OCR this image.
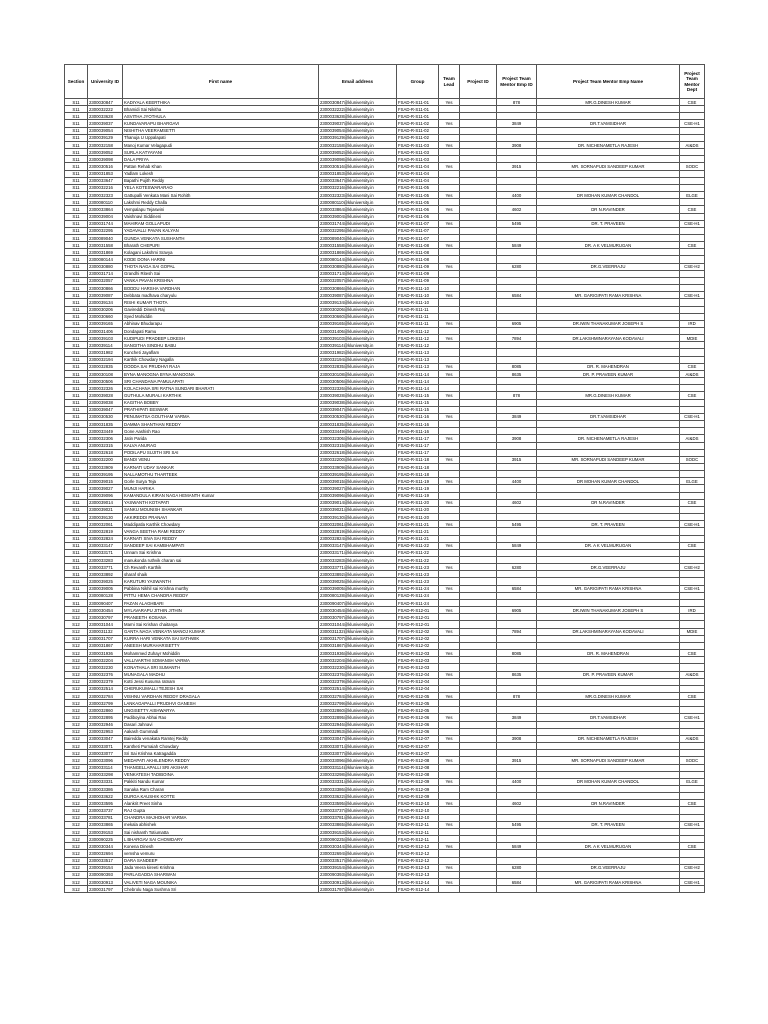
Section	University ID	First name	Email address	Group	Team Lead	Project ID	Project Team Mentor Emp ID	Project Team Mentor Emp Name	Project Team Mentor Dept
S11	2300030847	KADIYALA KEERTHIKA	2300030847@kluniversity.in	FSAD-R-S11-01	Yes		878	MR.G.DINESH KUMAR	CSE
S11	2300032222	Bhamidi Sai Nikitha	2300032222@kluniversity.in	FSAD-R-S11-01					
S11	2300033628	ASVITHA JYOTHULA	2300033628@kluniversity.in	FSAD-R-S11-01					
S11	2300039037	KUNDAVARAPU BHARGAVI	2300039037@kluniversity.in	FSAD-R-S11-02	Yes		3849	DR.T.VAMSIDHAR	CSE-H1
S11	2300039054	NISHITHA VEERAMSETTI	2300039054@kluniversity.in	FSAD-R-S11-02					
S11	2300039129	Thanuja U Uppalapati	2300039129@kluniversity.in	FSAD-R-S11-02					
S11	2300032158	Manoj Kumar Velagapudi	2300032158@kluniversity.in	FSAD-R-S11-03	Yes		3908	DR. NICHENAMETLA RAJESH	AI&DS
S11	2300039052	SURLA KATYAYANI	2300039052@kluniversity.in	FSAD-R-S11-03					
S11	2300039098	DALA PRIYA	2300039098@kluniversity.in	FSAD-R-S11-03					
S11	2300030516	Pattan Rehab Khan	2300030516@kluniversity.in	FSAD-R-S11-04	Yes		3915	MR. SORNAPUDI SANDEEP KUMAR	SODC
S11	2300031853	Yadlam Lokesh	2300031853@kluniversity.in	FSAD-R-S11-04					
S11	2300033647	Bapathi Pujith Reddy	2300033647@kluniversity.in	FSAD-R-S11-04					
S11	2300032216	YELA KOTESWARARAO	2300032216@kluniversity.in	FSAD-R-S11-05					
S11	2300032323	Gattupalli Venkata Mani Sai Rohith	2300032323@kluniversity.in	FSAD-R-S11-05	Yes		4400	DR MOHAN KUMAR CHANDOL	ELGE
S11	2300080110	Lakshmi Reddy Challa	2300080110@kluniversity.in	FSAD-R-S11-05					
S11	2300033864	Vempalapu Tejaswini	2300033864@kluniversity.in	FSAD-R-S11-06	Yes		4602	DR N.RAVINDER	CSE
S11	2300039004	Vaishnavi Siddineni	2300039004@kluniversity.in	FSAD-R-S11-06					
S11	2300031744	MAHIRAM GOLLAPUDI	2300031744@kluniversity.in	FSAD-R-S11-07	Yes		5495	DR. T. PRAVEEN	CSE-H1
S11	2300032295	YADAVALLI PAVAN KALYAN	2300032295@kluniversity.in	FSAD-R-S11-07					
S11	2300089040	GUNDA VENKATA SUSHANTH	2300089040@kluniversity.in	FSAD-R-S11-07					
S11	2300031558	Bharath CHEPURI	2300031558@kluniversity.in	FSAD-R-S11-08	Yes		5849	DR. A K VELMURUGAN	CSE
S11	2300031869	Kolagani Lakshmi Sravya	2300031869@kluniversity.in	FSAD-R-S11-08					
S11	2300080144	KODE DONA HARINI	2300080144@kluniversity.in	FSAD-R-S11-08					
S11	2300030880	THOTA NAGA SAI GOPAL	2300030880@kluniversity.in	FSAD-R-S11-09	Yes		6280	DR.G.VEERRAJU	CSE-H2
S11	2300031714	Grandhi Ritesh Sai	2300031714@kluniversity.in	FSAD-R-S11-09					
S11	2300032057	VANKA PAVAN KRISHNA	2300032057@kluniversity.in	FSAD-R-S11-09					
S11	2300030866	BODDU HARSHA VARDHAN	2300030866@kluniversity.in	FSAD-R-S11-10					
S11	2300039087	Debbata madhava charyulu	2300039087@kluniversity.in	FSAD-R-S11-10	Yes		6584	MR. GARIGIPATI RAMA KRISHNA	CSE-H1
S11	2300039134	RISHI KUMAR THOTA	2300039134@kluniversity.in	FSAD-R-S11-10					
S11	2300030206	Gavireddi Dinesh Raj	2300030206@kluniversity.in	FSAD-R-S11-11					
S11	2300030660	Syed Mohiddin	2300030660@kluniversity.in	FSAD-R-S11-11					
S11	2300039165	Abhinav Bhudarapu	2300039165@kluniversity.in	FSAD-R-S11-11	Yes		6905	DR.IWIN THANAKUMAR JOSEPH S	IRD
S11	2300031406	Dondapati Ramu	2300031406@kluniversity.in	FSAD-R-S11-12					
S11	2300039103	KUDIPUDI PRADEEP LOKESH	2300039103@kluniversity.in	FSAD-R-S11-12	Yes		7894	DR.LAKSHMINARAYANA KODAVALI	MDIE
S11	2300039114	SANGITHA SINDHU BABU	2300039114@kluniversity.in	FSAD-R-S11-12					
S11	2300031982	Kuncheti Jayaflam	2300031982@kluniversity.in	FSAD-R-S11-13					
S11	2300032194	Karthik Chowdary Nagalla	2300032194@kluniversity.in	FSAD-R-S11-13					
S11	2300032835	DODDA SAI PRUDHVI RAJA	2300032835@kluniversity.in	FSAD-R-S11-13	Yes		8085	DR. R. MAHENDRAN	CSE
S11	2300030108	BYNA MANOGNA BYNA MANOGNA	2300030108@kluniversity.in	FSAD-R-S11-14	Yes		8635	DR. P. PRAVEEN KUMAR	AI&DS
S11	2300030506	SRI CHANDANA PAMULAPATI	2300030506@kluniversity.in	FSAD-R-S11-14					
S11	2300032326	KOLACHANA SRI RATNA SUNDARI BHARATI	2300032326@kluniversity.in	FSAD-R-S11-14					
S11	2300039028	GUTHULA MURALI KARTHIK	2300039028@kluniversity.in	FSAD-R-S11-15	Yes		878	MR.G.DINESH KUMAR	CSE
S11	2300039038	KAGITHA BOBBY	2300039038@kluniversity.in	FSAD-R-S11-15					
S11	2300039047	PRATHIPATI EESWAR	2300039047@kluniversity.in	FSAD-R-S11-15					
S11	2300030530	PENUMATSA GOUTHAM VARMA	2300030530@kluniversity.in	FSAD-R-S11-16	Yes		3849	DR.T.VAMSIDHAR	CSE-H1
S11	2300031835	DAMMA SHANTHAN REDDY	2300031835@kluniversity.in	FSAD-R-S11-16					
S11	2300033449	Gone Aashish Rao	2300033449@kluniversity.in	FSAD-R-S11-16					
S11	2300032306	Jatin Parida	2300032306@kluniversity.in	FSAD-R-S11-17	Yes		3908	DR. NICHENAMETLA RAJESH	AI&DS
S11	2300032315	KALVA ANURAG	2300032315@kluniversity.in	FSAD-R-S11-17					
S11	2300032618	PODILAPU SUJITH SRI SAI	2300032618@kluniversity.in	FSAD-R-S11-17					
S11	2300032200	BANDI VENU	2300032200@kluniversity.in	FSAD-R-S11-18	Yes		3915	MR. SORNAPUDI SANDEEP KUMAR	SODC
S11	2300033909	KARNATI UDAY SANKAR	2300033909@kluniversity.in	FSAD-R-S11-18					
S11	2300039195	NALLAMOTHU THARTEEK	2300039195@kluniversity.in	FSAD-R-S11-18					
S11	2300039015	Gorle Surya Teja	2300039015@kluniversity.in	FSAD-R-S11-19	Yes		4400	DR MOHAN KUMAR CHANDOL	ELGE
S11	2300039027	MUNJI HARIKA	2300039027@kluniversity.in	FSAD-R-S11-19					
S11	2300039096	KAMANDULA KIRAN NAGA HEMANTH Kumar	2300039096@kluniversity.in	FSAD-R-S11-19					
S11	2300039014	YASWANTH KOTAPATI	2300039014@kluniversity.in	FSAD-R-S11-20	Yes		4602	DR N.RAVINDER	CSE
S11	2300039021	SANKU MOUNISH SHANKAR	2300039021@kluniversity.in	FSAD-R-S11-20					
S11	2300039130	AKKIREDDI PRANAVI	2300039130@kluniversity.in	FSAD-R-S11-20					
S11	2300032061	Maddipatla Karthik Chowdary	2300032061@kluniversity.in	FSAD-R-S11-21	Yes		5495	DR. T. PRAVEEN	CSE-H1
S11	2300032819	VANGA SEETHA RAMI REDDY	2300032819@kluniversity.in	FSAD-R-S11-21					
S11	2300032824	KARNATI SIVA SAI REDDY	2300032824@kluniversity.in	FSAD-R-S11-21					
S11	2300033147	SANDEEP SAI KAMBHAMPATI	2300033147@kluniversity.in	FSAD-R-S11-22	Yes		5849	DR. A K VELMURUGAN	CSE
S11	2300033171	Unnam Sai Krishna	2300033171@kluniversity.in	FSAD-R-S11-22					
S11	2300033283	manukonda ruthvik charan sai	2300033283@kluniversity.in	FSAD-R-S11-22					
S11	2300033771	Ch Revanth Karthik	2300033771@kluniversity.in	FSAD-R-S11-23	Yes		6280	DR.G.VEERRAJU	CSE-H2
S11	2300033892	sharaf shaik	2300033892@kluniversity.in	FSAD-R-S11-23					
S11	2300039025	KARUTURI YASWANTH	2300039025@kluniversity.in	FSAD-R-S11-23					
S11	2300039005	Pabbina Nikhil sai Krishna murthy	2300039005@kluniversity.in	FSAD-R-S11-24	Yes		6584	MR. GARIGIPATI RAMA KRISHNA	CSE-H1
S11	2300080128	PITTU HEMA CHANDRA REDDY	2300080128@kluniversity.in	FSAD-R-S11-24					
S11	2300090407	PAZAN ALAGHBARI	2300090407@kluniversity.in	FSAD-R-S11-24					
S12	2300030454	MYLAVARAPU JITHIN JITHIN	2300030454@kluniversity.in	FSAD-R-S12-01	Yes		6905	DR.IWIN THANAKUMAR JOSEPH S	IRD
S12	2300030797	PRANEETH KOSANA	2300030797@kluniversity.in	FSAD-R-S12-01					
S12	2300031044	Marni Sai Krishan chaitanya	2300031044@kluniversity.in	FSAD-R-S12-01					
S12	2300031132	GANTA NAGA VENKATA MANOJ KUMAR	2300031132@kluniversity.in	FSAD-R-S12-02	Yes		7894	DR.LAKSHMINARAYANA KODAVALI	MDIE
S12	2300031707	KURRA HARI VENKATA SAI SATHWIK	2300031707@kluniversity.in	FSAD-R-S12-02					
S12	2300031867	ANEESH MURAHARISETTY	2300031867@kluniversity.in	FSAD-R-S12-02					
S12	2300031936	Mohammed Zuhayr Mohiddin	2300031936@kluniversity.in	FSAD-R-S12-03	Yes		8085	DR. R. MAHENDRAN	CSE
S12	2300032204	VALLIVARTHI SOMANSH VARMA	2300032204@kluniversity.in	FSAD-R-S12-03					
S12	2300032230	KONATHALA SRI SUMANTH	2300032230@kluniversity.in	FSAD-R-S12-03					
S12	2300032376	MUNAGALA MADHU	2300032376@kluniversity.in	FSAD-R-S12-04	Yes		8635	DR. P. PRAVEEN KUMAR	AI&DS
S12	2300032379	Kotti Jessi Kusuma ratnam	2300032379@kluniversity.in	FSAD-R-S12-04					
S12	2300032514	CHERUKUMALLI TEJESH SAI	2300032514@kluniversity.in	FSAD-R-S12-04					
S12	2300032784	VISHNU VARDHAN REDDY DRAGALA	2300032784@kluniversity.in	FSAD-R-S12-05	Yes		878	MR.G.DINESH KUMAR	CSE
S12	2300032799	LANKAGAPALLI PRUDHVI GANESH	2300032799@kluniversity.in	FSAD-R-S12-05					
S12	2300032860	UNGISETTY AISHWARYA	2300032860@kluniversity.in	FSAD-R-S12-05					
S12	2300032895	Padiboyina Abhai Rao	2300032895@kluniversity.in	FSAD-R-S12-06	Yes		3849	DR.T.VAMSIDHAR	CSE-H1
S12	2300032946	Dasari Jahnavi	2300032946@kluniversity.in	FSAD-R-S12-06					
S12	2300032953	Aakash Gummadi	2300032953@kluniversity.in	FSAD-R-S12-06					
S12	2300033047	Bairedda venakata Ramtej Reddy	2300033047@kluniversity.in	FSAD-R-S12-07	Yes		3908	DR. NICHENAMETLA RAJESH	AI&DS
S12	2300033071	Kantheti Purnaiah Chowdary	2300033071@kluniversity.in	FSAD-R-S12-07					
S12	2300033077	Sri Sai Krishna Katragadda	2300033077@kluniversity.in	FSAD-R-S12-07					
S12	2300033096	MEDAPATI AKHILENDRA REDDY	2300033096@kluniversity.in	FSAD-R-S12-08	Yes		3915	MR. SORNAPUDI SANDEEP KUMAR	SODC
S12	2300033114	THANGELLAPALLI SRI AKSHAR	2300033114@kluniversity.in	FSAD-R-S12-08					
S12	2300033298	VENKATESH TADIBOINA	2300033298@kluniversity.in	FSAD-R-S12-08					
S12	2300033331	Pakkiti Nandu Kumar	2300033331@kluniversity.in	FSAD-R-S12-09	Yes		4400	DR MOHAN KUMAR CHANDOL	ELGE
S12	2300033386	Sanaka Ram Charan	2300033386@kluniversity.in	FSAD-R-S12-09					
S12	2300033622	DURGA KAUSHIK KOTTE	2300033622@kluniversity.in	FSAD-R-S12-09					
S12	2300033595	Alankrit Preet Sinha	2300033595@kluniversity.in	FSAD-R-S12-10	Yes		4602	DR N.RAVINDER	CSE
S12	2300033737	RAJ Gupta	2300033737@kluniversity.in	FSAD-R-S12-10					
S12	2300033781	CHANDRA MAJHOHAR VARMA	2300033781@kluniversity.in	FSAD-R-S12-10					
S12	2300033865	mekala abhishek	2300033865@kluniversity.in	FSAD-R-S12-11	Yes		5495	DR. T. PRAVEEN	CSE-H1
S12	2300039153	Sai nishanth Totiumatta	2300039153@kluniversity.in	FSAD-R-S12-11					
S12	2300090225	L BHARGAV SAI CHOWDARY	2300090225@kluniversity.in	FSAD-R-S12-11					
S12	2300030344	Konena Dinesh	2300030344@kluniversity.in	FSAD-R-S12-12	Yes		5849	DR. A K VELMURUGAN	CSE
S12	2300032694	vemsha vemuru	2300032694@kluniversity.in	FSAD-R-S12-12					
S12	2300033517	DARA SANDEEP	2300033517@kluniversity.in	FSAD-R-S12-12					
S12	2300039154	Jada Veera kireeti Krishna	2300039154@kluniversity.in	FSAD-R-S12-13	Yes		6280	DR.G.VEERRAJU	CSE-H2
S12	2300090393	PARLAGADDA SHARWAN	2300090393@kluniversity.in	FSAD-R-S12-13					
S12	2300030913	VALIVETI NAGA MOUNIKA	2300030913@kluniversity.in	FSAD-R-S12-14	Yes		6584	MR. GARIGIPATI RAMA KRISHNA	CSE-H1
S12	2300031797	Chebrolu Naga Sushma Sri	2300031797@kluniversity.in	FSAD-R-S12-14					
